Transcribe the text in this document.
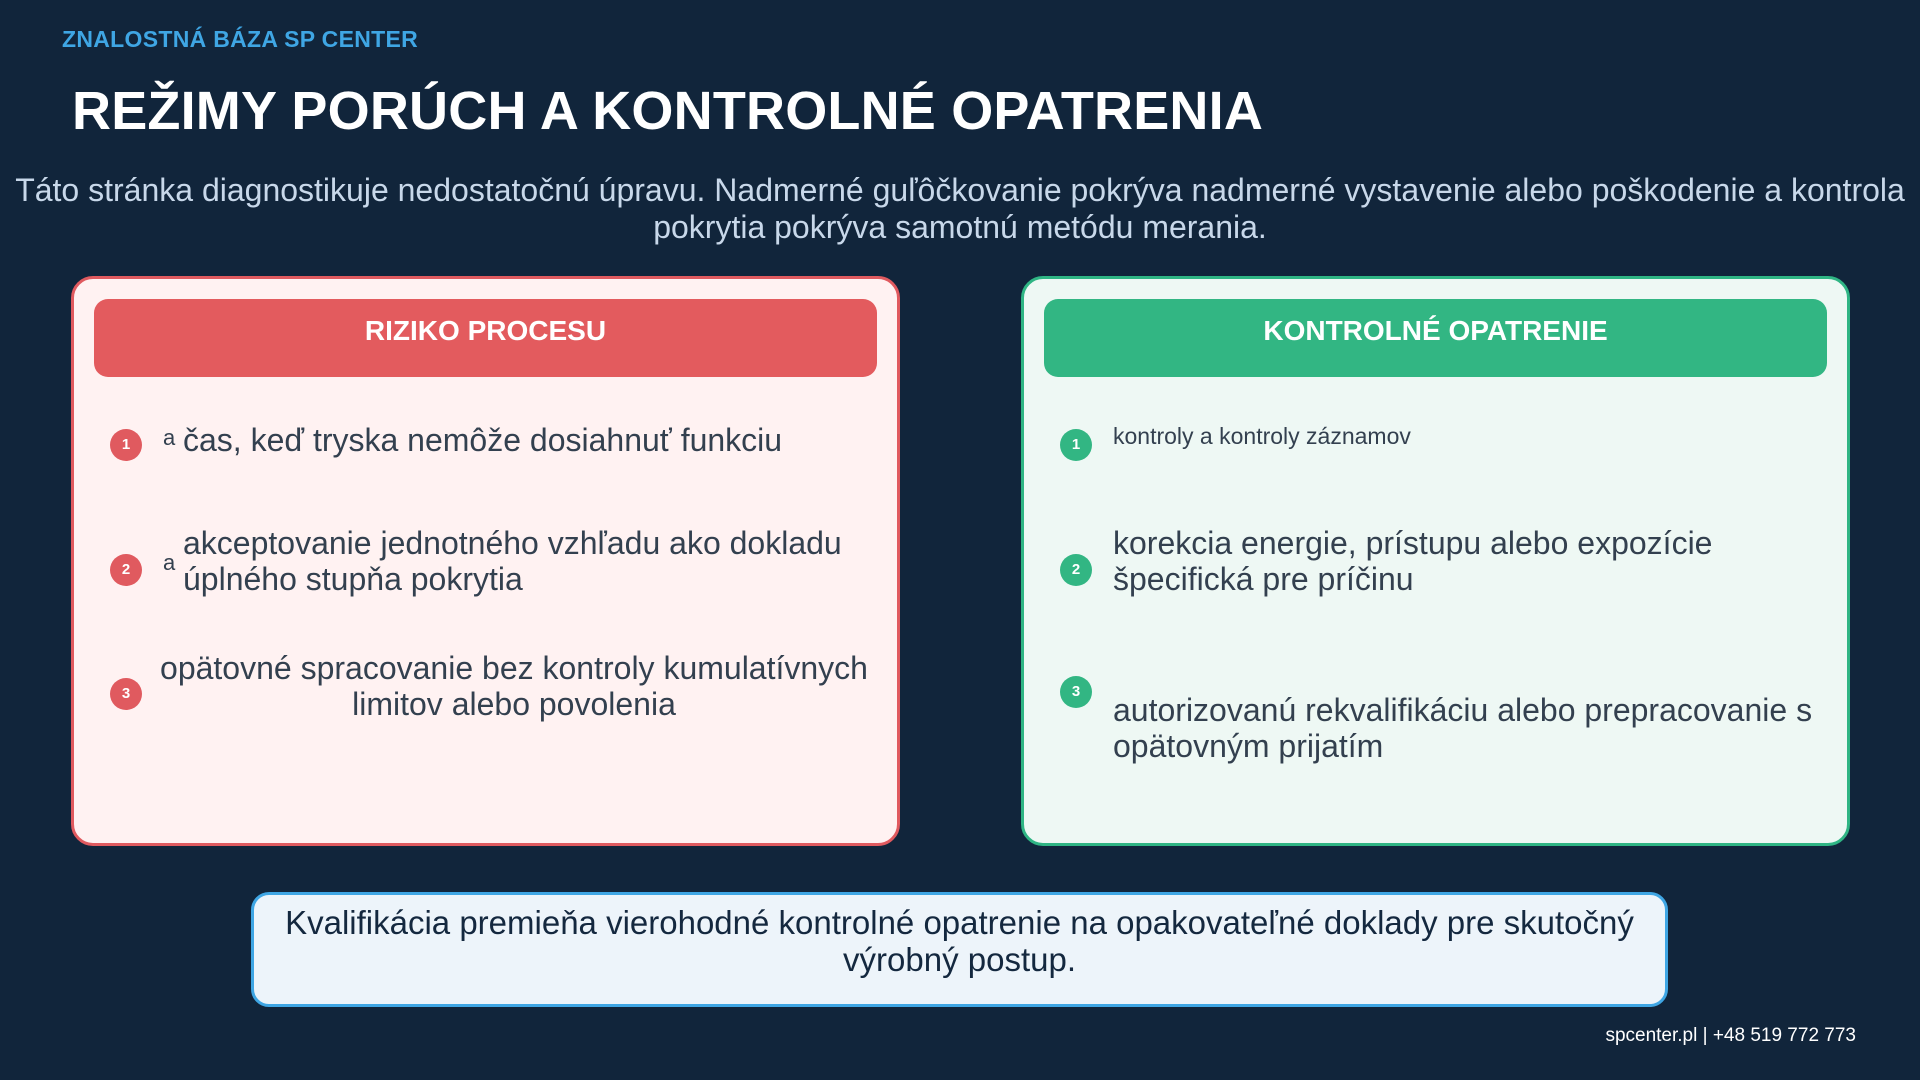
ZNALOSTNÁ BÁZA SP CENTER
REŽIMY PORÚCH A KONTROLNÉ OPATRENIA
Táto stránka diagnostikuje nedostatočnú úpravu. Nadmerné guľôčkovanie pokrýva nadmerné vystavenie alebo poškodenie a kontrola pokrytia pokrýva samotnú metódu merania.
RIZIKO PROCESU
1	a čas, keď tryska nemôže dosiahnuť funkciu
2	a
akceptovanie jednotného vzhľadu ako dokladu úplného stupňa pokrytia
3
opätovné spracovanie bez kontroly kumulatívnych limitov alebo povolenia
KONTROLNÉ OPATRENIE
1	kontroly a kontroly záznamov
2
korekcia energie, prístupu alebo expozície špecifická pre príčinu
3
autorizovanú rekvalifikáciu alebo prepracovanie s opätovným prijatím
Kvalifikácia premieňa vierohodné kontrolné opatrenie na opakovateľné doklady pre skutočný výrobný postup.
spcenter.pl | +48 519 772 773
